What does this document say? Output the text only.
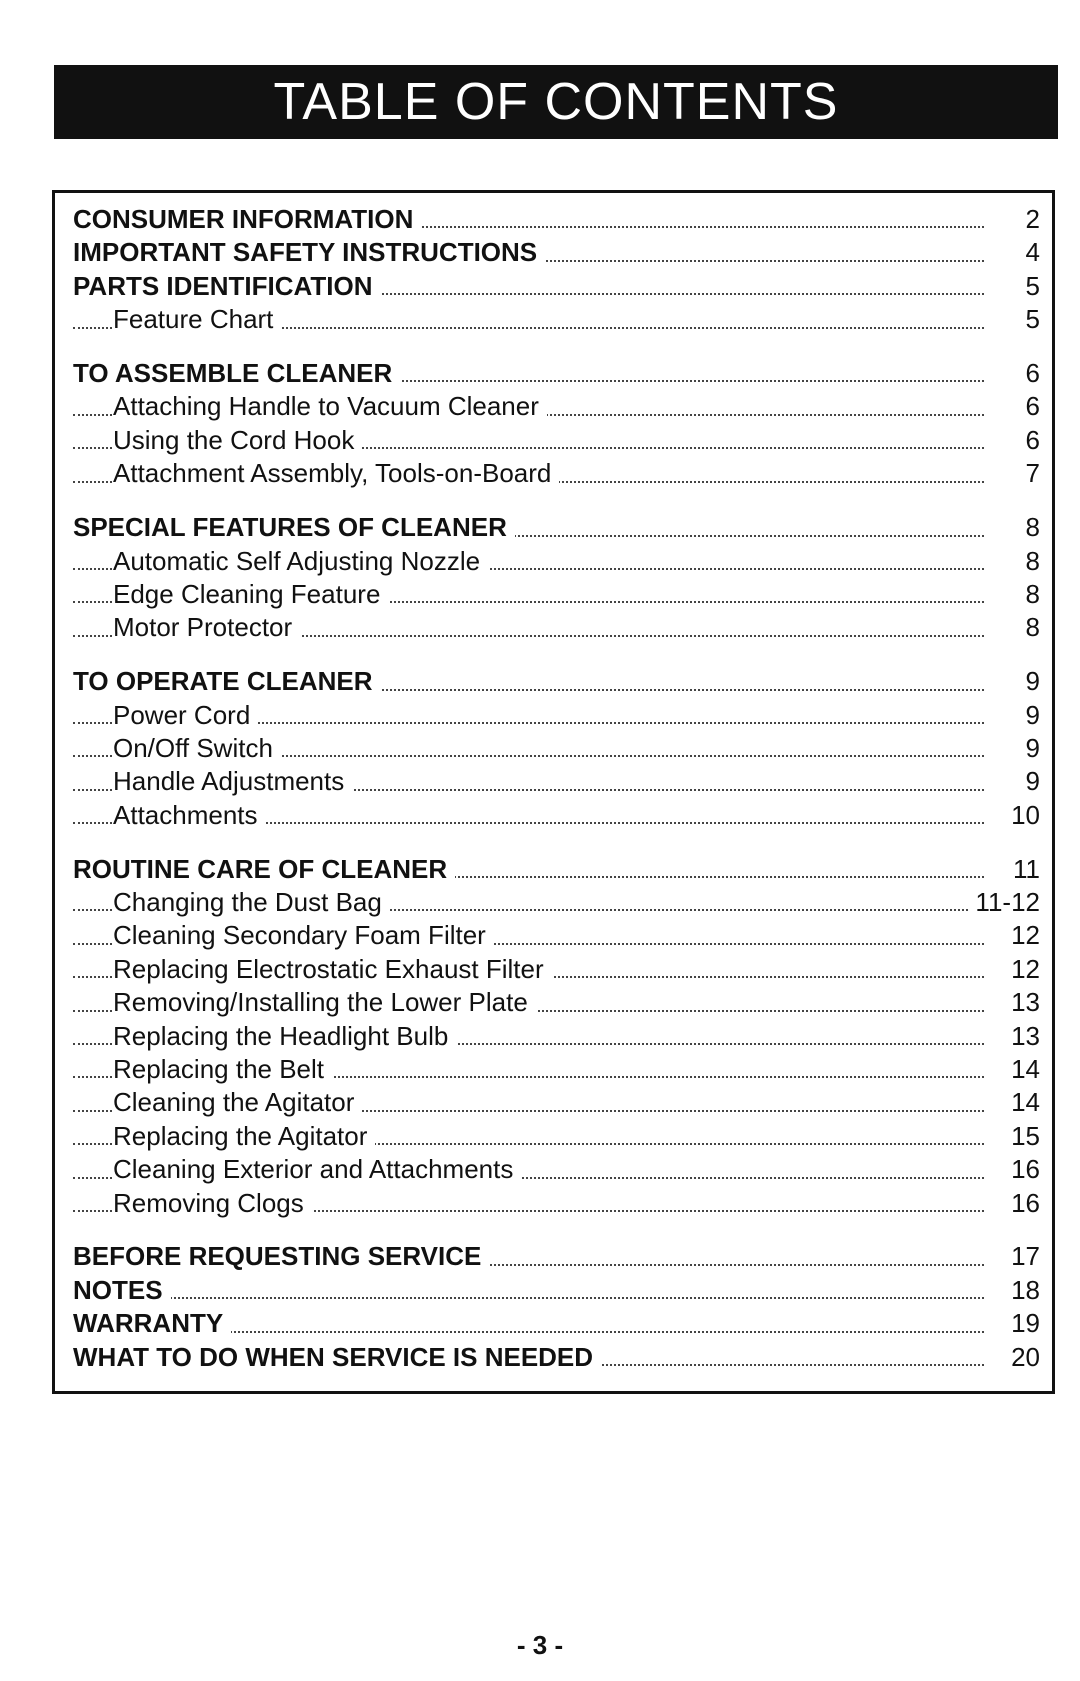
TABLE OF CONTENTS
CONSUMER INFORMATION	2
IMPORTANT SAFETY INSTRUCTIONS	4
PARTS IDENTIFICATION	5
Feature Chart	5
TO ASSEMBLE CLEANER	6
Attaching Handle to Vacuum Cleaner	6
Using the Cord Hook	6
Attachment Assembly, Tools-on-Board	7
SPECIAL FEATURES OF CLEANER	8
Automatic Self Adjusting Nozzle	8
Edge Cleaning Feature	8
Motor Protector	8
TO OPERATE CLEANER	9
Power Cord	9
On/Off Switch	9
Handle Adjustments	9
Attachments	10
ROUTINE CARE OF CLEANER	11
Changing the Dust Bag	11-12
Cleaning Secondary Foam Filter	12
Replacing Electrostatic Exhaust Filter	12
Removing/Installing the Lower Plate	13
Replacing the Headlight Bulb	13
Replacing the Belt	14
Cleaning the Agitator	14
Replacing the Agitator	15
Cleaning Exterior and Attachments	16
Removing Clogs	16
BEFORE REQUESTING SERVICE	17
NOTES	18
WARRANTY	19
WHAT TO DO WHEN SERVICE IS NEEDED	20
- 3 -
